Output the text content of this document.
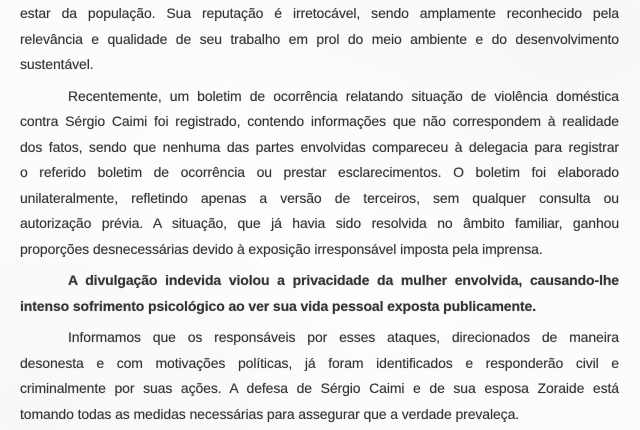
estar da população. Sua reputação é irretocável, sendo amplamente reconhecido pela
relevância e qualidade de seu trabalho em prol do meio ambiente e do desenvolvimento
sustentável.
Recentemente, um boletim de ocorrência relatando situação de violência doméstica
contra Sérgio Caimi foi registrado, contendo informações que não correspondem à realidade
dos fatos, sendo que nenhuma das partes envolvidas compareceu à delegacia para registrar
o referido boletim de ocorrência ou prestar esclarecimentos. O boletim foi elaborado
unilateralmente, refletindo apenas a versão de terceiros, sem qualquer consulta ou
autorização prévia. A situação, que já havia sido resolvida no âmbito familiar, ganhou
proporções desnecessárias devido à exposição irresponsável imposta pela imprensa.
A divulgação indevida violou a privacidade da mulher envolvida, causando-lhe
intenso sofrimento psicológico ao ver sua vida pessoal exposta publicamente.
Informamos que os responsáveis por esses ataques, direcionados de maneira
desonesta e com motivações políticas, já foram identificados e responderão civil e
criminalmente por suas ações. A defesa de Sérgio Caimi e de sua esposa Zoraide está
tomando todas as medidas necessárias para assegurar que a verdade prevaleça.
